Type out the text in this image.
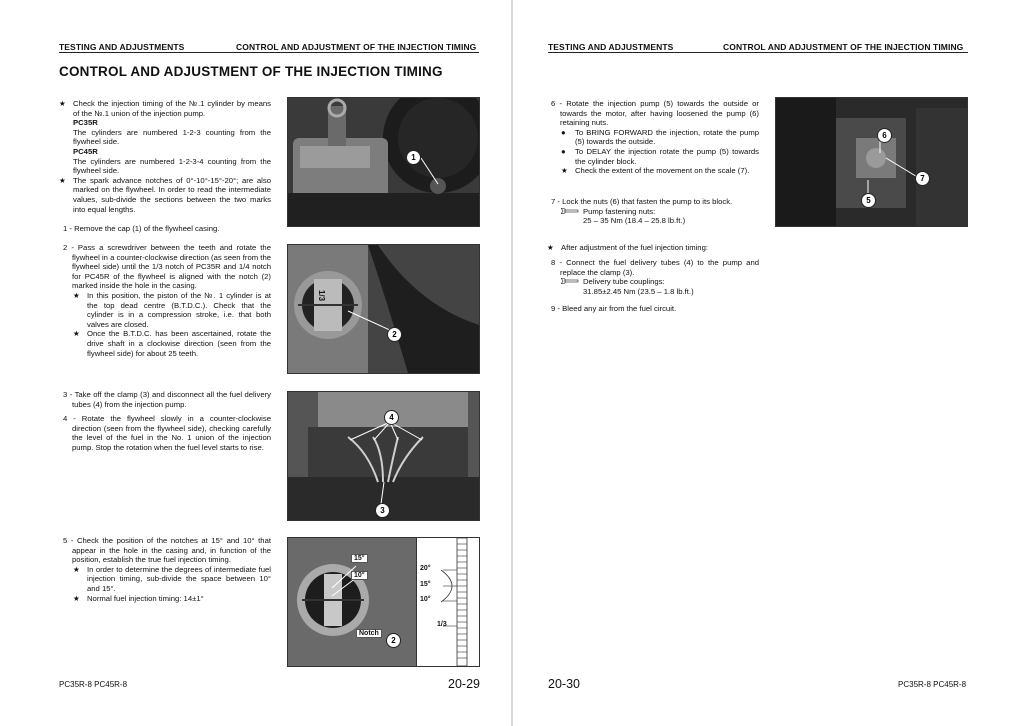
TESTING AND ADJUSTMENTS	CONTROL AND ADJUSTMENT OF THE INJECTION TIMING
CONTROL AND ADJUSTMENT OF THE INJECTION TIMING
★ Check the injection timing of the №.1 cylinder by means of the №.1 union of the injection pump.

PC35R

The cylinders are numbered 1-2-3 counting from the flywheel side.

PC45R

The cylinders are numbered 1-2-3-4 counting from the flywheel side.

★ The spark advance notches of 0°-10°-15°-20°; are also marked on the flywheel. In order to read the intermediate values, sub-divide the sections between the two marks into equal lengths.

1 - Remove the cap (1) of the flywheel casing.

2 - Pass a screwdriver between the teeth and rotate the flywheel in a counter-clockwise direction (as seen from the flywheel side) until the 1/3 notch of PC35R and 1/4 notch for PC45R of the flywheel is aligned with the notch (2) marked inside the hole in the casing.

★ In this position, the piston of the №. 1 cylinder is at the top dead centre (B.T.D.C.). Check that the cylinder is in a compression stroke, i.e. that both valves are closed.

★ Once the B.T.D.C. has been ascertained, rotate the drive shaft in a clockwise direction (seen from the flywheel side) for about 25 teeth.

3 - Take off the clamp (3) and disconnect all the fuel delivery tubes (4) from the injection pump.
4 - Rotate the flywheel slowly in a counter-clockwise direction (seen from the flywheel side), checking carefully the level of the fuel in the No. 1 union of the injection pump. Stop the rotation when the fuel level starts to rise.

5 - Check the position of the notches at 15° and 10° that appear in the hole in the casing and, in function of the position, establish the true fuel injection timing.

★ In order to determine the degrees of intermediate fuel injection timing, sub-divide the space between 10° and 15°.

★ Normal fuel injection timing: 14±1°

1
1/3
2
4
3
15°
10°
Notch
2
20°
15°
10°
1/3
PC35R-8 PC45R-8	20-29
TESTING AND ADJUSTMENTS	CONTROL AND ADJUSTMENT OF THE INJECTION TIMING

6 - Rotate the injection pump (5) towards the outside or towards the motor, after having loosened the pump (6) retaining nuts.

● To BRING FORWARD the injection, rotate the pump (5) towards the outside.

● To DELAY the injection rotate the pump (5) towards the cylinder block.

★ Check the extent of the movement on the scale (7).

7 - Lock the nuts (6) that fasten the pump to its block.

Pump fastening nuts:

25 – 35 Nm (18.4 – 25.8 lb.ft.)

★ After adjustment of the fuel injection timing:

8 - Connect the fuel delivery tubes (4) to the pump and replace the clamp (3).

Delivery tube couplings:

31.85±2.45 Nm (23.5 – 1.8 lb.ft.)

9 - Bleed any air from the fuel circuit.
6
7
5
20-30	PC35R-8 PC45R-8
